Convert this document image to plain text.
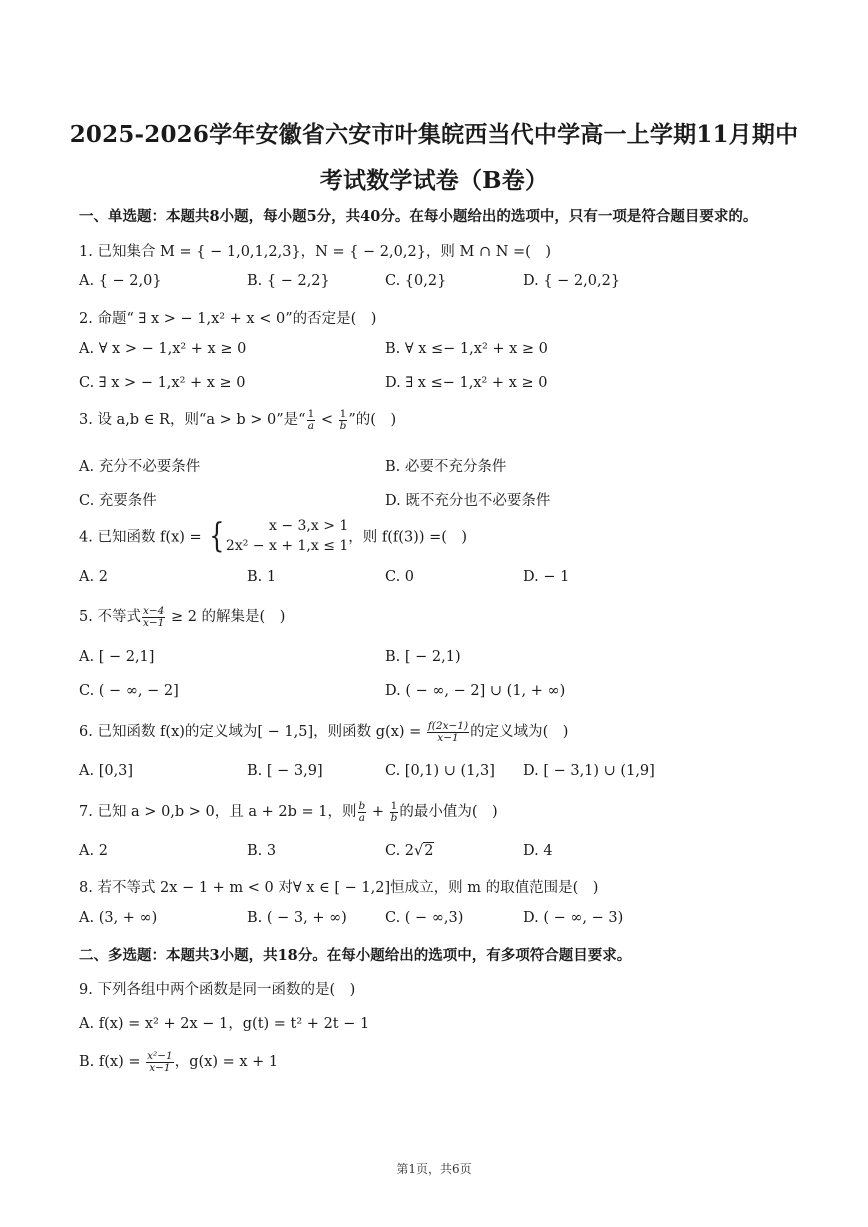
2025-2026学年安徽省六安市叶集皖西当代中学高一上学期11月期中
考试数学试卷（B卷）
一、单选题：本题共8小题，每小题5分，共40分。在每小题给出的选项中，只有一项是符合题目要求的。
1. 已知集合 M = { − 1,0,1,2,3}，N = { − 2,0,2}，则 M ∩ N =(　)
A. { − 2,0}	B. { − 2,2}	C. {0,2}	D. { − 2,0,2}
2. 命题“ ∃ x > − 1,x² + x < 0”的否定是(　)
A. ∀ x > − 1,x² + x ≥ 0	B. ∀ x ≤− 1,x² + x ≥ 0
C. ∃ x > − 1,x² + x ≥ 0	D. ∃ x ≤− 1,x² + x ≥ 0
3. 设 a,b ∈ R，则“a > b > 0”是“ $\frac{1}{a} < \frac{1}{b}$ ”的(　)
A. 充分不必要条件	B. 必要不充分条件
C. 充要条件	D. 既不充分也不必要条件
4. 已知函数 f(x) = {	x − 3,x > 1
2x² − x + 1,x ≤ 1
，则 f(f(3)) =(　)
A. 2	B. 1	C. 0	D. − 1
5. 不等式 $\frac{x-4}{x-1} \ge 2$ 的解集是(　)
A. [ − 2,1]	B. [ − 2,1)
C. ( − ∞, − 2]	D. ( − ∞, − 2] ∪ (1, + ∞)
6. 已知函数 f(x)的定义域为[ − 1,5]，则函数 $g(x) = \frac{f(2x-1)}{x-1}$ 的定义域为(　)
A. [0,3]	B. [ − 3,9]	C. [0,1) ∪ (1,3] D. [ − 3,1) ∪ (1,9]
7. 已知 a > 0,b > 0，且 a + 2b = 1，则 $\frac{b}{a} + \frac{1}{b}$ 的最小值为(　)
A. 2	B. 3	C. 2√2	D. 4
8. 若不等式 2x − 1 + m < 0 对∀ x ∈ [ − 1,2]恒成立，则 m 的取值范围是(　)
A. (3, + ∞)	B. ( − 3, + ∞)	C. ( − ∞,3)	D. ( − ∞, − 3)
二、多选题：本题共3小题，共18分。在每小题给出的选项中，有多项符合题目要求。
9. 下列各组中两个函数是同一函数的是(　)
A. f(x) = x² + 2x − 1，g(t) = t² + 2t − 1
B. $f(x) = \frac{\text{x²−1}}{x-1}$ ，g(x) = x + 1
第1页，共6页
